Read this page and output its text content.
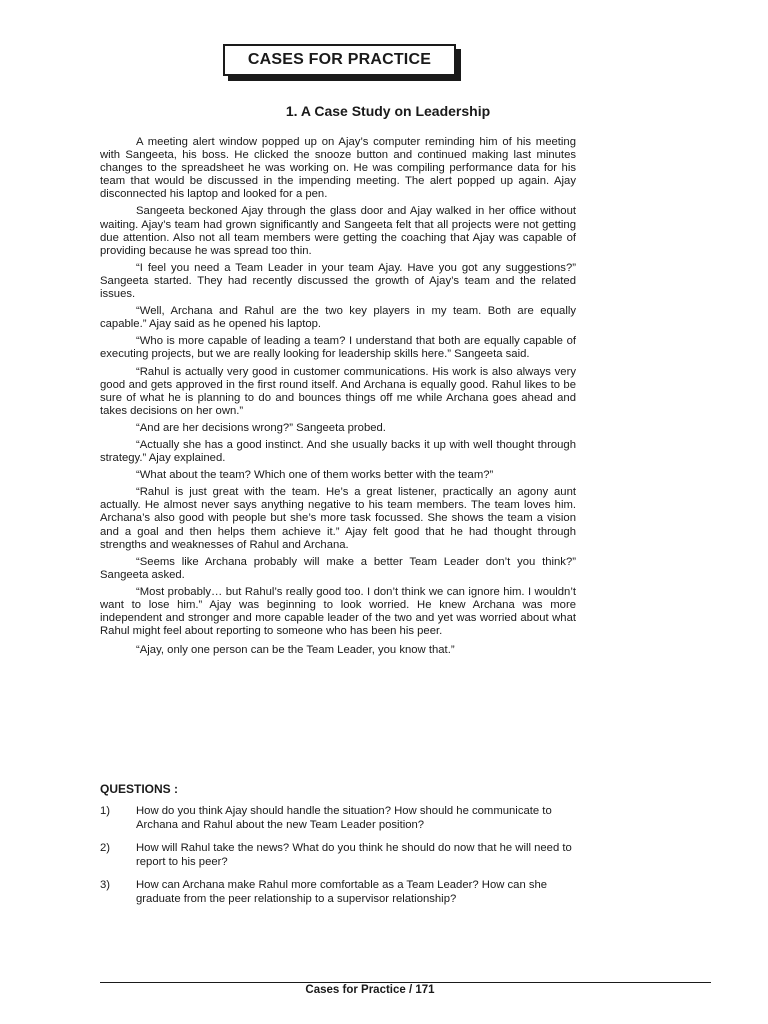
CASES FOR PRACTICE
1. A Case Study on Leadership

A meeting alert window popped up on Ajay’s computer reminding him of his meeting with Sangeeta, his boss. He clicked the snooze button and continued making last minutes changes to the spreadsheet he was working on. He was compiling performance data for his team that would be discussed in the impending meeting. The alert popped up again. Ajay disconnected his laptop and looked for a pen.

Sangeeta beckoned Ajay through the glass door and Ajay walked in her office without waiting. Ajay’s team had grown significantly and Sangeeta felt that all projects were not getting due attention. Also not all team members were getting the coaching that Ajay was capable of providing because he was spread too thin.

“I feel you need a Team Leader in your team Ajay. Have you got any suggestions?” Sangeeta started. They had recently discussed the growth of Ajay’s team and the related issues.

“Well, Archana and Rahul are the two key players in my team. Both are equally capable.” Ajay said as he opened his laptop.

“Who is more capable of leading a team? I understand that both are equally capable of executing projects, but we are really looking for leadership skills here.” Sangeeta said.

“Rahul is actually very good in customer communications. His work is also always very good and gets approved in the first round itself. And Archana is equally good. Rahul likes to be sure of what he is planning to do and bounces things off me while Archana goes ahead and takes decisions on her own.”

“And are her decisions wrong?” Sangeeta probed.

“Actually she has a good instinct. And she usually backs it up with well thought through strategy.” Ajay explained.

“What about the team? Which one of them works better with the team?”

“Rahul is just great with the team. He’s a great listener, practically an agony aunt actually. He almost never says anything negative to his team members. The team loves him. Archana’s also good with people but she’s more task focussed. She shows the team a vision and a goal and then helps them achieve it.” Ajay felt good that he had thought through strengths and weaknesses of Rahul and Archana.

“Seems like Archana probably will make a better Team Leader don’t you think?” Sangeeta asked.

“Most probably… but Rahul’s really good too. I don’t think we can ignore him. I wouldn’t want to lose him.” Ajay was beginning to look worried. He knew Archana was more independent and stronger and more capable leader of the two and yet was worried about what Rahul might feel about reporting to someone who has been his peer.

“Ajay, only one person can be the Team Leader, you know that.”

QUESTIONS :
1)	How do you think Ajay should handle the situation? How should he communicate to Archana and Rahul about the new Team Leader position?
2)	How will Rahul take the news? What do you think he should do now that he will need to report to his peer?
3)	How can Archana make Rahul more comfortable as a Team Leader? How can she graduate from the peer relationship to a supervisor relationship?
Cases for Practice / 171
